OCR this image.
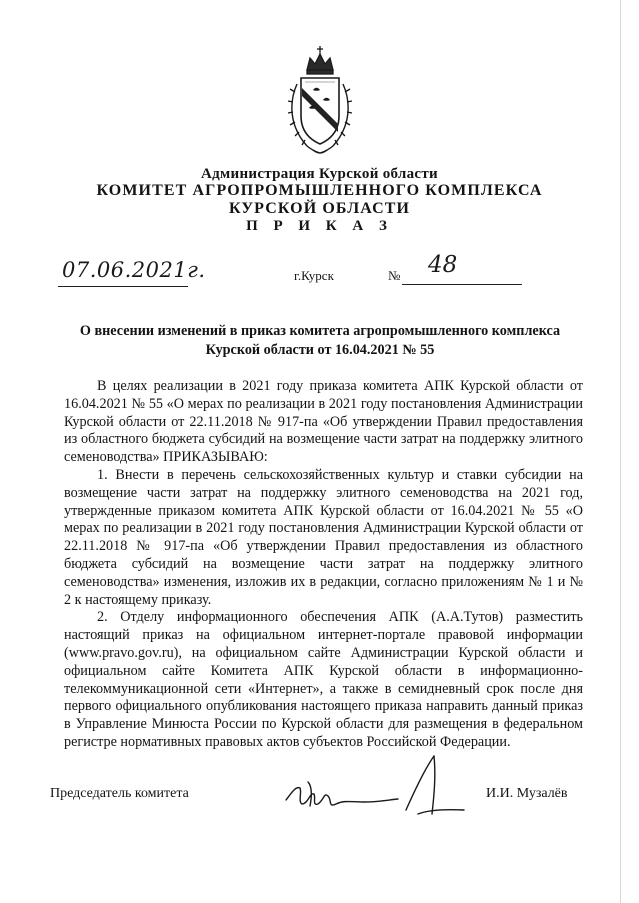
Администрация Курской области
КОМИТЕТ АГРОПРОМЫШЛЕННОГО КОМПЛЕКСА
КУРСКОЙ ОБЛАСТИ
П Р И К А З
07.06.2021г.	г.Курск	№ 48
О внесении изменений в приказ комитета агропромышленного комплекса Курской области от 16.04.2021 № 55

В целях реализации в 2021 году приказа комитета АПК Курской области от 16.04.2021 № 55 «О мерах по реализации в 2021 году постановления Администрации Курской области от 22.11.2018 № 917-па «Об утверждении Правил предоставления из областного бюджета субсидий на возмещение части затрат на поддержку элитного семеноводства» ПРИКАЗЫВАЮ:

1. Внести в перечень сельскохозяйственных культур и ставки субсидии на возмещение части затрат на поддержку элитного семеноводства на 2021 год, утвержденные приказом комитета АПК Курской области от 16.04.2021 № 55 «О мерах по реализации в 2021 году постановления Администрации Курской области от 22.11.2018 № 917-па «Об утверждении Правил предоставления из областного бюджета субсидий на возмещение части затрат на поддержку элитного семеноводства» изменения, изложив их в редакции, согласно приложениям № 1 и № 2 к настоящему приказу.

2. Отделу информационного обеспечения АПК (А.А.Тутов) разместить настоящий приказ на официальном интернет-портале правовой информации (www.pravo.gov.ru), на официальном сайте Администрации Курской области и официальном сайте Комитета АПК Курской области в информационно-телекоммуникационной сети «Интернет», а также в семидневный срок после дня первого официального опубликования настоящего приказа направить данный приказ в Управление Минюста России по Курской области для размещения в федеральном регистре нормативных правовых актов субъектов Российской Федерации.

Председатель комитета	И.И. Музалёв
